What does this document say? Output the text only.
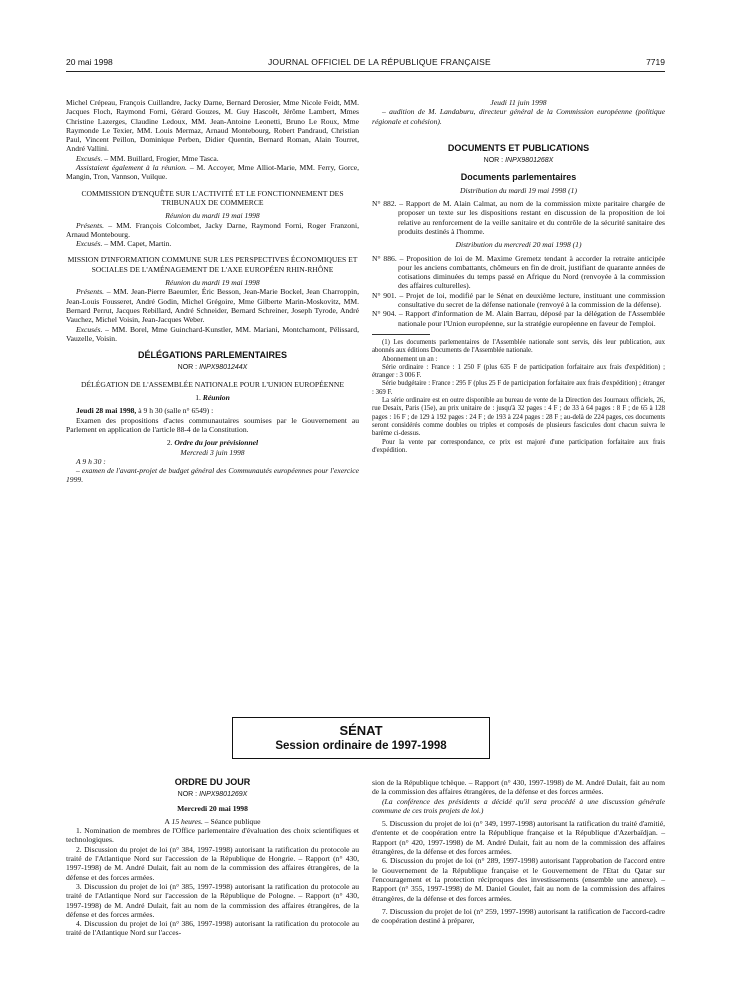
20 mai 1998	JOURNAL OFFICIEL DE LA RÉPUBLIQUE FRANÇAISE	7719

Michel Crépeau, François Cuillandre, Jacky Darne, Bernard Derosier, Mme Nicole Feidt, MM. Jacques Floch, Raymond Forni, Gérard Gouzes, M. Guy Hascoët, Jérôme Lambert, Mmes Christine Lazerges, Claudine Ledoux, MM. Jean-Antoine Leonetti, Bruno Le Roux, Mme Raymonde Le Texier, MM. Louis Mermaz, Arnaud Montebourg, Robert Pandraud, Christian Paul, Vincent Peillon, Dominique Perben, Didier Quentin, Bernard Roman, Alain Tourret, André Vallini.

Excusés. – MM. Buillard, Frogier, Mme Tasca.

Assistaient également à la réunion. – M. Accoyer, Mme Alliot-Marie, MM. Ferry, Gorce, Mangin, Tron, Vannson, Vuilque.

COMMISSION D'ENQUÊTE SUR L'ACTIVITÉ ET LE FONCTIONNEMENT DES TRIBUNAUX DE COMMERCE

Réunion du mardi 19 mai 1998

Présents. – MM. François Colcombet, Jacky Darne, Raymond Forni, Roger Franzoni, Arnaud Montebourg.

Excusés. – MM. Capet, Martin.

MISSION D'INFORMATION COMMUNE SUR LES PERSPECTIVES ÉCONOMIQUES ET SOCIALES DE L'AMÉNAGEMENT DE L'AXE EUROPÉEN RHIN-RHÔNE

Réunion du mardi 19 mai 1998

Présents. – MM. Jean-Pierre Baeumler, Éric Besson, Jean-Marie Bockel, Jean Charroppin, Jean-Louis Fousseret, André Godin, Michel Grégoire, Mme Gilberte Marin-Moskovitz, MM. Bernard Perrut, Jacques Rebillard, André Schneider, Bernard Schreiner, Joseph Tyrode, André Vauchez, Michel Voisin, Jean-Jacques Weber.

Excusés. – MM. Borel, Mme Guinchard-Kunstler, MM. Mariani, Montchamont, Pélissard, Vauzelle, Voisin.

DÉLÉGATIONS PARLEMENTAIRES

NOR : INPX9801244X

DÉLÉGATION DE L'ASSEMBLÉE NATIONALE POUR L'UNION EUROPÉENNE

1. Réunion

Jeudi 28 mai 1998, à 9 h 30 (salle n° 6549) :

Examen des propositions d'actes communautaires soumises par le Gouvernement au Parlement en application de l'article 88-4 de la Constitution.

2. Ordre du jour prévisionnel

Mercredi 3 juin 1998

A 9 h 30 :

– examen de l'avant-projet de budget général des Communautés européennes pour l'exercice 1999.

Jeudi 11 juin 1998

– audition de M. Landaburu, directeur général de la Commission européenne (politique régionale et cohésion).

DOCUMENTS ET PUBLICATIONS

NOR : INPX9801268X

Documents parlementaires

Distribution du mardi 19 mai 1998 (1)

N° 882. – Rapport de M. Alain Calmat, au nom de la commission mixte paritaire chargée de proposer un texte sur les dispositions restant en discussion de la proposition de loi relative au renforcement de la veille sanitaire et du contrôle de la sécurité sanitaire des produits destinés à l'homme.

Distribution du mercredi 20 mai 1998 (1)

N° 886. – Proposition de loi de M. Maxime Gremetz tendant à accorder la retraite anticipée pour les anciens combattants, chômeurs en fin de droit, justifiant de quarante années de cotisations diminuées du temps passé en Afrique du Nord (renvoyée à la commission des affaires culturelles).

N° 901. – Projet de loi, modifié par le Sénat en deuxième lecture, instituant une commission consultative du secret de la défense nationale (renvoyé à la commission de la défense).

N° 904. – Rapport d'information de M. Alain Barrau, déposé par la délégation de l'Assemblée nationale pour l'Union européenne, sur la stratégie européenne en faveur de l'emploi.

(1) Les documents parlementaires de l'Assemblée nationale sont servis, dès leur publication, aux abonnés aux éditions Documents de l'Assemblée nationale.

Abonnement un an :

Série ordinaire : France : 1 250 F (plus 635 F de participation forfaitaire aux frais d'expédition) ; étranger : 3 006 F.

Série budgétaire : France : 295 F (plus 25 F de participation forfaitaire aux frais d'expédition) ; étranger : 369 F.

La série ordinaire est en outre disponible au bureau de vente de la Direction des Journaux officiels, 26, rue Desaix, Paris (15e), au prix unitaire de : jusqu'à 32 pages : 4 F ; de 33 à 64 pages : 8 F ; de 65 à 128 pages : 16 F ; de 129 à 192 pages : 24 F ; de 193 à 224 pages : 28 F ; au-delà de 224 pages, ces documents seront considérés comme doubles ou triples et composés de plusieurs fascicules dont chacun suivra le barème ci-dessus.

Pour la vente par correspondance, ce prix est majoré d'une participation forfaitaire aux frais d'expédition.

SÉNAT
Session ordinaire de 1997-1998
ORDRE DU JOUR

NOR : INPX9801269X

Mercredi 20 mai 1998

A 15 heures. – Séance publique

1. Nomination de membres de l'Office parlementaire d'évaluation des choix scientifiques et technologiques.

2. Discussion du projet de loi (n° 384, 1997-1998) autorisant la ratification du protocole au traité de l'Atlantique Nord sur l'accession de la République de Hongrie. – Rapport (n° 430, 1997-1998) de M. André Dulait, fait au nom de la commission des affaires étrangères, de la défense et des forces armées.

3. Discussion du projet de loi (n° 385, 1997-1998) autorisant la ratification du protocole au traité de l'Atlantique Nord sur l'accession de la République de Pologne. – Rapport (n° 430, 1997-1998) de M. André Dulait, fait au nom de la commission des affaires étrangères, de la défense et des forces armées.

4. Discussion du projet de loi (n° 386, 1997-1998) autorisant la ratification du protocole au traité de l'Atlantique Nord sur l'acces-

sion de la République tchèque. – Rapport (n° 430, 1997-1998) de M. André Dulait, fait au nom de la commission des affaires étrangères, de la défense et des forces armées.

(La conférence des présidents a décidé qu'il sera procédé à une discussion générale commune de ces trois projets de loi.)

5. Discussion du projet de loi (n° 349, 1997-1998) autorisant la ratification du traité d'amitié, d'entente et de coopération entre la République française et la République d'Azerbaïdjan. – Rapport (n° 420, 1997-1998) de M. André Dulait, fait au nom de la commission des affaires étrangères, de la défense et des forces armées.

6. Discussion du projet de loi (n° 289, 1997-1998) autorisant l'approbation de l'accord entre le Gouvernement de la République française et le Gouvernement de l'Etat du Qatar sur l'encouragement et la protection réciproques des investissements (ensemble une annexe). – Rapport (n° 355, 1997-1998) de M. Daniel Goulet, fait au nom de la commission des affaires étrangères, de la défense et des forces armées.

7. Discussion du projet de loi (n° 259, 1997-1998) autorisant la ratification de l'accord-cadre de coopération destiné à préparer,
